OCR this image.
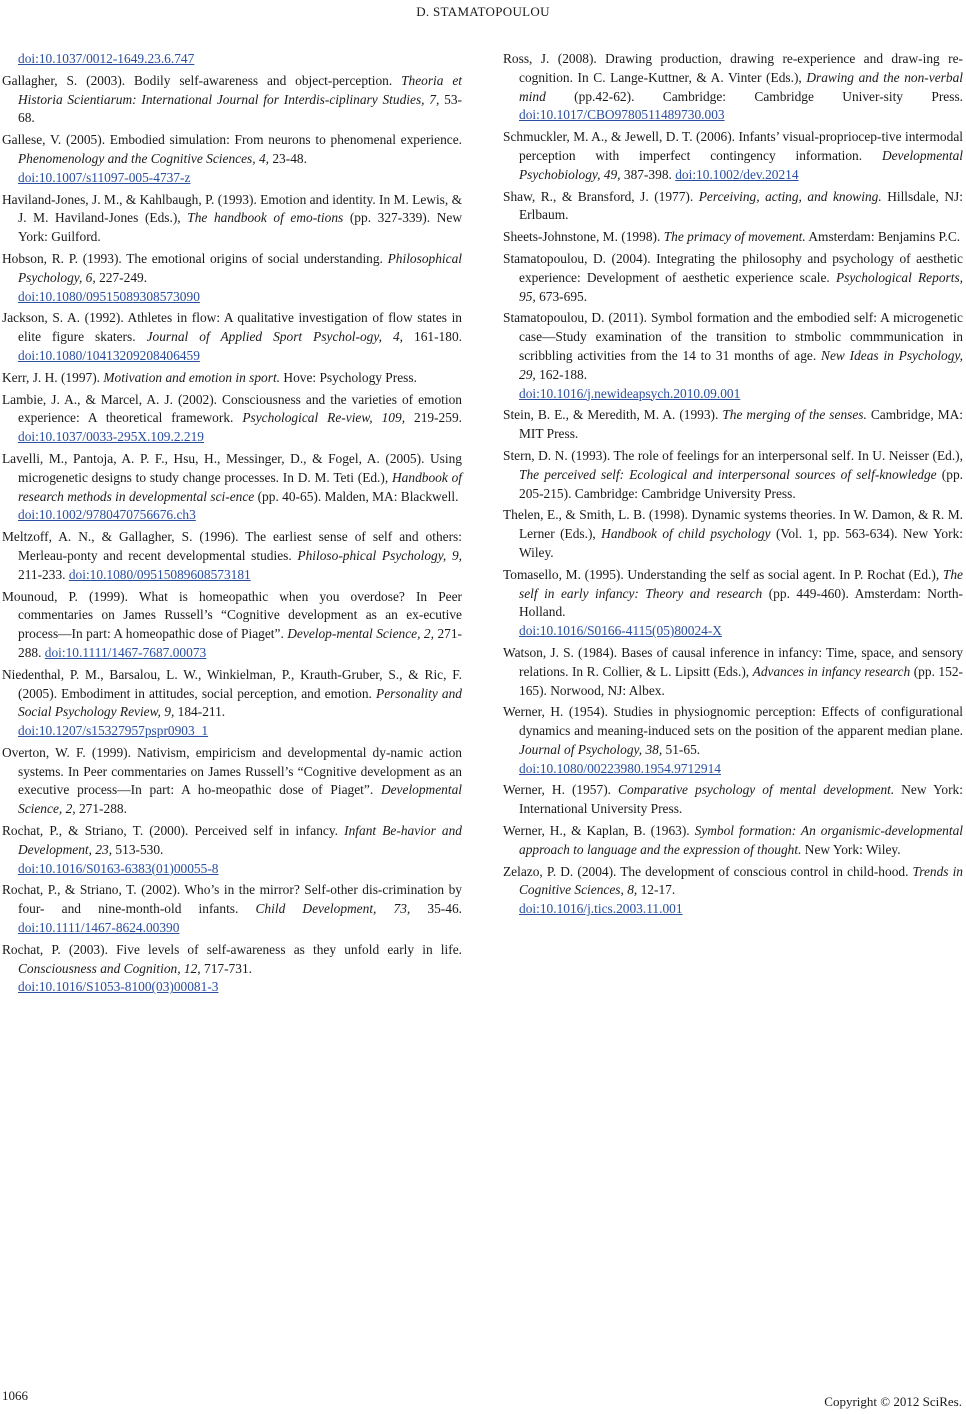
D. STAMATOPOULOU

doi:10.1037/0012-1649.23.6.747

Gallagher, S. (2003). Bodily self-awareness and object-perception. Theoria et Historia Scientiarum: International Journal for Interdis-ciplinary Studies, 7, 53-68.

Gallese, V. (2005). Embodied simulation: From neurons to phenomenal experience. Phenomenology and the Cognitive Sciences, 4, 23-48.
doi:10.1007/s11097-005-4737-z

Haviland-Jones, J. M., & Kahlbaugh, P. (1993). Emotion and identity. In M. Lewis, & J. M. Haviland-Jones (Eds.), The handbook of emo-tions (pp. 327-339). New York: Guilford.

Hobson, R. P. (1993). The emotional origins of social understanding. Philosophical Psychology, 6, 227-249.
doi:10.1080/09515089308573090

Jackson, S. A. (1992). Athletes in flow: A qualitative investigation of flow states in elite figure skaters. Journal of Applied Sport Psychol-ogy, 4, 161-180. doi:10.1080/10413209208406459

Kerr, J. H. (1997). Motivation and emotion in sport. Hove: Psychology Press.

Lambie, J. A., & Marcel, A. J. (2002). Consciousness and the varieties of emotion experience: A theoretical framework. Psychological Re-view, 109, 219-259. doi:10.1037/0033-295X.109.2.219

Lavelli, M., Pantoja, A. P. F., Hsu, H., Messinger, D., & Fogel, A. (2005). Using microgenetic designs to study change processes. In D. M. Teti (Ed.), Handbook of research methods in developmental sci-ence (pp. 40-65). Malden, MA: Blackwell.
doi:10.1002/9780470756676.ch3

Meltzoff, A. N., & Gallagher, S. (1996). The earliest sense of self and others: Merleau-ponty and recent developmental studies. Philoso-phical Psychology, 9, 211-233. doi:10.1080/09515089608573181

Mounoud, P. (1999). What is homeopathic when you overdose? In Peer commentaries on James Russell’s “Cognitive development as an ex-ecutive process—In part: A homeopathic dose of Piaget”. Develop-mental Science, 2, 271-288. doi:10.1111/1467-7687.00073

Niedenthal, P. M., Barsalou, L. W., Winkielman, P., Krauth-Gruber, S., & Ric, F. (2005). Embodiment in attitudes, social perception, and emotion. Personality and Social Psychology Review, 9, 184-211.
doi:10.1207/s15327957pspr0903_1

Overton, W. F. (1999). Nativism, empiricism and developmental dy-namic action systems. In Peer commentaries on James Russell’s “Cognitive development as an executive process—In part: A ho-meopathic dose of Piaget”. Developmental Science, 2, 271-288.

Rochat, P., & Striano, T. (2000). Perceived self in infancy. Infant Be-havior and Development, 23, 513-530.
doi:10.1016/S0163-6383(01)00055-8

Rochat, P., & Striano, T. (2002). Who’s in the mirror? Self-other dis-crimination by four- and nine-month-old infants. Child Development, 73, 35-46. doi:10.1111/1467-8624.00390

Rochat, P. (2003). Five levels of self-awareness as they unfold early in life. Consciousness and Cognition, 12, 717-731.
doi:10.1016/S1053-8100(03)00081-3

Ross, J. (2008). Drawing production, drawing re-experience and draw-ing re-cognition. In C. Lange-Kuttner, & A. Vinter (Eds.), Drawing and the non-verbal mind (pp.42-62). Cambridge: Cambridge Univer-sity Press. doi:10.1017/CBO9780511489730.003

Schmuckler, M. A., & Jewell, D. T. (2006). Infants’ visual-propriocep-tive intermodal perception with imperfect contingency information. Developmental Psychobiology, 49, 387-398. doi:10.1002/dev.20214

Shaw, R., & Bransford, J. (1977). Perceiving, acting, and knowing. Hillsdale, NJ: Erlbaum.

Sheets-Johnstone, M. (1998). The primacy of movement. Amsterdam: Benjamins P.C.

Stamatopoulou, D. (2004). Integrating the philosophy and psychology of aesthetic experience: Development of aesthetic experience scale. Psychological Reports, 95, 673-695.

Stamatopoulou, D. (2011). Symbol formation and the embodied self: A microgenetic case—Study examination of the transition to stmbolic commmunication in scribbling activities from the 14 to 31 months of age. New Ideas in Psychology, 29, 162-188.
doi:10.1016/j.newideapsych.2010.09.001

Stein, B. E., & Meredith, M. A. (1993). The merging of the senses. Cambridge, MA: MIT Press.

Stern, D. N. (1993). The role of feelings for an interpersonal self. In U. Neisser (Ed.), The perceived self: Ecological and interpersonal sources of self-knowledge (pp. 205-215). Cambridge: Cambridge University Press.

Thelen, E., & Smith, L. B. (1998). Dynamic systems theories. In W. Damon, & R. M. Lerner (Eds.), Handbook of child psychology (Vol. 1, pp. 563-634). New York: Wiley.

Tomasello, M. (1995). Understanding the self as social agent. In P. Rochat (Ed.), The self in early infancy: Theory and research (pp. 449-460). Amsterdam: North-Holland.
doi:10.1016/S0166-4115(05)80024-X

Watson, J. S. (1984). Bases of causal inference in infancy: Time, space, and sensory relations. In R. Collier, & L. Lipsitt (Eds.), Advances in infancy research (pp. 152-165). Norwood, NJ: Albex.

Werner, H. (1954). Studies in physiognomic perception: Effects of configurational dynamics and meaning-induced sets on the position of the apparent median plane. Journal of Psychology, 38, 51-65.
doi:10.1080/00223980.1954.9712914

Werner, H. (1957). Comparative psychology of mental development. New York: International University Press.

Werner, H., & Kaplan, B. (1963). Symbol formation: An organismic-developmental approach to language and the expression of thought. New York: Wiley.

Zelazo, P. D. (2004). The development of conscious control in child-hood. Trends in Cognitive Sciences, 8, 12-17.
doi:10.1016/j.tics.2003.11.001

1066	Copyright © 2012 SciRes.
